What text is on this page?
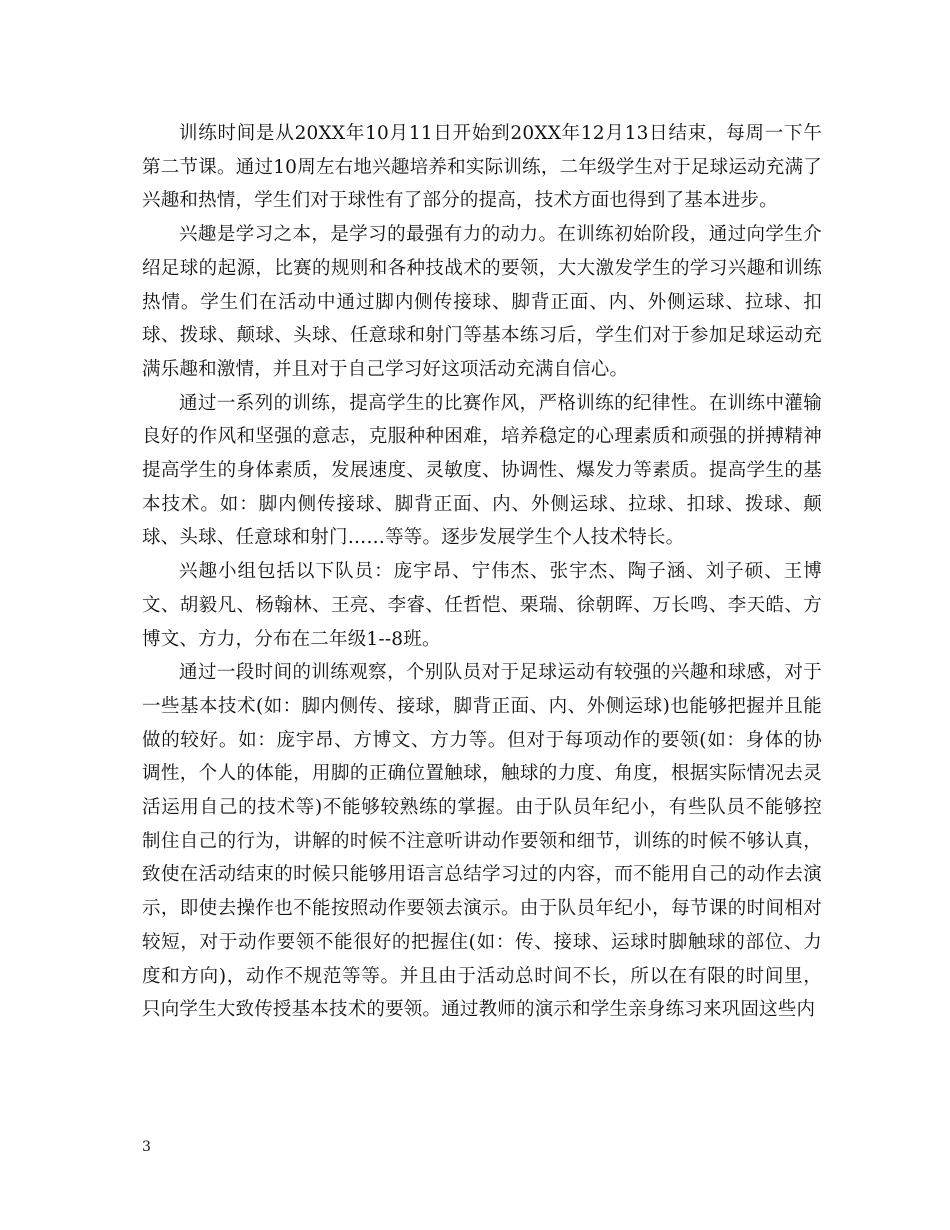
训练时间是从20XX年10月11日开始到20XX年12月13日结束，每周一下午第二节课。通过10周左右地兴趣培养和实际训练，二年级学生对于足球运动充满了兴趣和热情，学生们对于球性有了部分的提高，技术方面也得到了基本进步。

兴趣是学习之本，是学习的最强有力的动力。在训练初始阶段，通过向学生介绍足球的起源，比赛的规则和各种技战术的要领，大大激发学生的学习兴趣和训练热情。学生们在活动中通过脚内侧传接球、脚背正面、内、外侧运球、拉球、扣球、拨球、颠球、头球、任意球和射门等基本练习后，学生们对于参加足球运动充满乐趣和激情，并且对于自己学习好这项活动充满自信心。

通过一系列的训练，提高学生的比赛作风，严格训练的纪律性。在训练中灌输良好的作风和坚强的意志，克服种种困难，培养稳定的心理素质和顽强的拼搏精神提高学生的身体素质，发展速度、灵敏度、协调性、爆发力等素质。提高学生的基本技术。如：脚内侧传接球、脚背正面、内、外侧运球、拉球、扣球、拨球、颠球、头球、任意球和射门……等等。逐步发展学生个人技术特长。

兴趣小组包括以下队员：庞宇昂、宁伟杰、张宇杰、陶子涵、刘子硕、王博文、胡毅凡、杨翰林、王亮、李睿、任哲恺、栗瑞、徐朝晖、万长鸣、李天皓、方博文、方力，分布在二年级1--8班。

通过一段时间的训练观察，个别队员对于足球运动有较强的兴趣和球感，对于一些基本技术(如：脚内侧传、接球，脚背正面、内、外侧运球)也能够把握并且能做的较好。如：庞宇昂、方博文、方力等。但对于每项动作的要领(如：身体的协调性，个人的体能，用脚的正确位置触球，触球的力度、角度，根据实际情况去灵活运用自己的技术等)不能够较熟练的掌握。由于队员年纪小，有些队员不能够控制住自己的行为，讲解的时候不注意听讲动作要领和细节，训练的时候不够认真，致使在活动结束的时候只能够用语言总结学习过的内容，而不能用自己的动作去演示，即使去操作也不能按照动作要领去演示。由于队员年纪小，每节课的时间相对较短，对于动作要领不能很好的把握住(如：传、接球、运球时脚触球的部位、力度和方向)，动作不规范等等。并且由于活动总时间不长，所以在有限的时间里，只向学生大致传授基本技术的要领。通过教师的演示和学生亲身练习来巩固这些内

3
